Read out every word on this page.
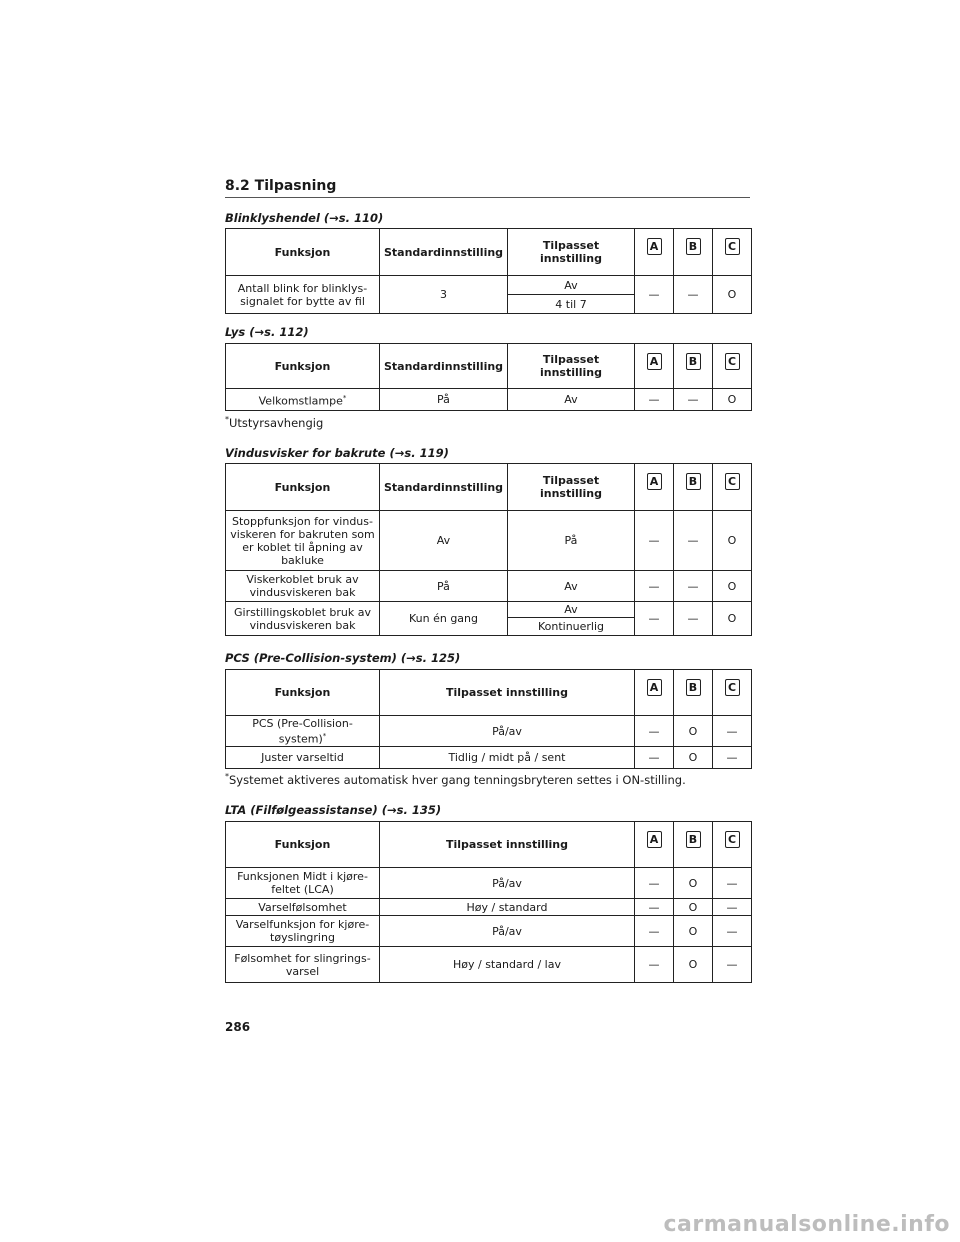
8.2 Tilpasning
Blinklyshendel (→s. 110)
Funksjon	Standardinnstilling	Tilpasset innstilling	A	B	C
Antall blink for blinklys-signalet for bytte av fil	3	Av	—	—	O
		4 til 7			
Lys (→s. 112)
Funksjon	Standardinnstilling	Tilpasset innstilling	A	B	C
Velkomstlampe*	På	Av	—	—	O
*Utstyrsavhengig
Vindusvisker for bakrute (→s. 119)
Funksjon	Standardinnstilling	Tilpasset innstilling	A	B	C
Stoppfunksjon for vindus-viskeren for bakruten som er koblet til åpning av bakluke	Av	På	—	—	O
Viskerkoblet bruk av vindusviskeren bak	På	Av	—	—	O
Girstillingskoblet bruk av vindusviskeren bak	Kun én gang	Av	—	—	O
		Kontinuerlig			
PCS (Pre-Collision-system) (→s. 125)
Funksjon	Tilpasset innstilling	A	B	C
PCS (Pre-Collision-system)*	På/av	—	O	—
Juster varseltid	Tidlig / midt på / sent	—	O	—
*Systemet aktiveres automatisk hver gang tenningsbryteren settes i ON-stilling.
LTA (Filfølgeassistanse) (→s. 135)
Funksjon	Tilpasset innstilling	A	B	C
Funksjonen Midt i kjøre-feltet (LCA)	På/av	—	O	—
Varselfølsomhet	Høy / standard	—	O	—
Varselfunksjon for kjøre-tøyslingring	På/av	—	O	—
Følsomhet for slingrings-varsel	Høy / standard / lav	—	O	—
286
carmanualsonline.info
